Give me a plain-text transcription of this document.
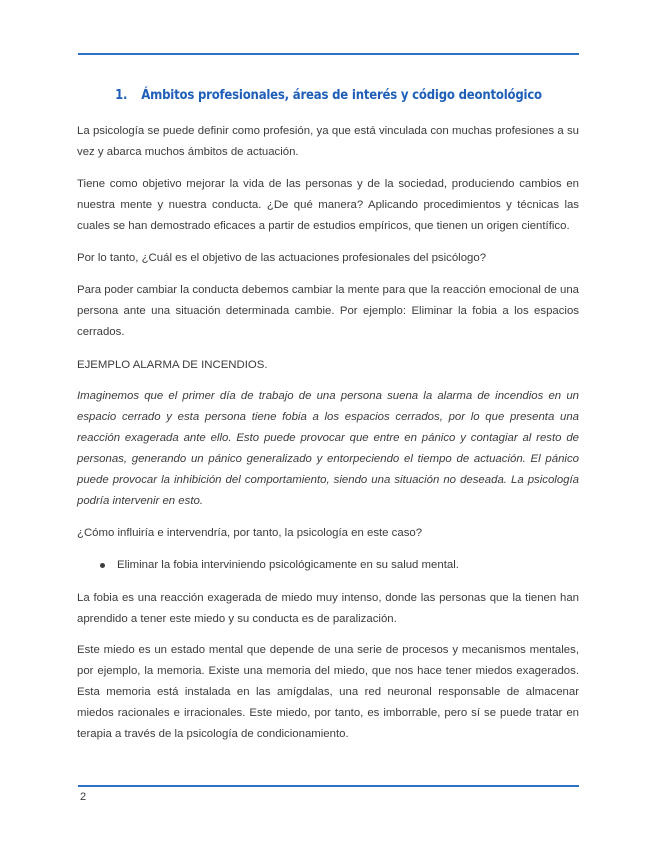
1. Ámbitos profesionales, áreas de interés y código deontológico

La psicología se puede definir como profesión, ya que está vinculada con muchas profesiones a su vez y abarca muchos ámbitos de actuación.

Tiene como objetivo mejorar la vida de las personas y de la sociedad, produciendo cambios en nuestra mente y nuestra conducta. ¿De qué manera? Aplicando procedimientos y técnicas las cuales se han demostrado eficaces a partir de estudios empíricos, que tienen un origen científico.

Por lo tanto, ¿Cuál es el objetivo de las actuaciones profesionales del psicólogo?

Para poder cambiar la conducta debemos cambiar la mente para que la reacción emocional de una persona ante una situación determinada cambie. Por ejemplo: Eliminar la fobia a los espacios cerrados.

EJEMPLO ALARMA DE INCENDIOS.

Imaginemos que el primer día de trabajo de una persona suena la alarma de incendios en un espacio cerrado y esta persona tiene fobia a los espacios cerrados, por lo que presenta una reacción exagerada ante ello. Esto puede provocar que entre en pánico y contagiar al resto de personas, generando un pánico generalizado y entorpeciendo el tiempo de actuación. El pánico puede provocar la inhibición del comportamiento, siendo una situación no deseada. La psicología podría intervenir en esto.

¿Cómo influiría e intervendría, por tanto, la psicología en este caso?

Eliminar la fobia interviniendo psicológicamente en su salud mental.

La fobia es una reacción exagerada de miedo muy intenso, donde las personas que la tienen han aprendido a tener este miedo y su conducta es de paralización.

Este miedo es un estado mental que depende de una serie de procesos y mecanismos mentales, por ejemplo, la memoria. Existe una memoria del miedo, que nos hace tener miedos exagerados. Esta memoria está instalada en las amígdalas, una red neuronal responsable de almacenar miedos racionales e irracionales. Este miedo, por tanto, es imborrable, pero sí se puede tratar en terapia a través de la psicología de condicionamiento.

2
